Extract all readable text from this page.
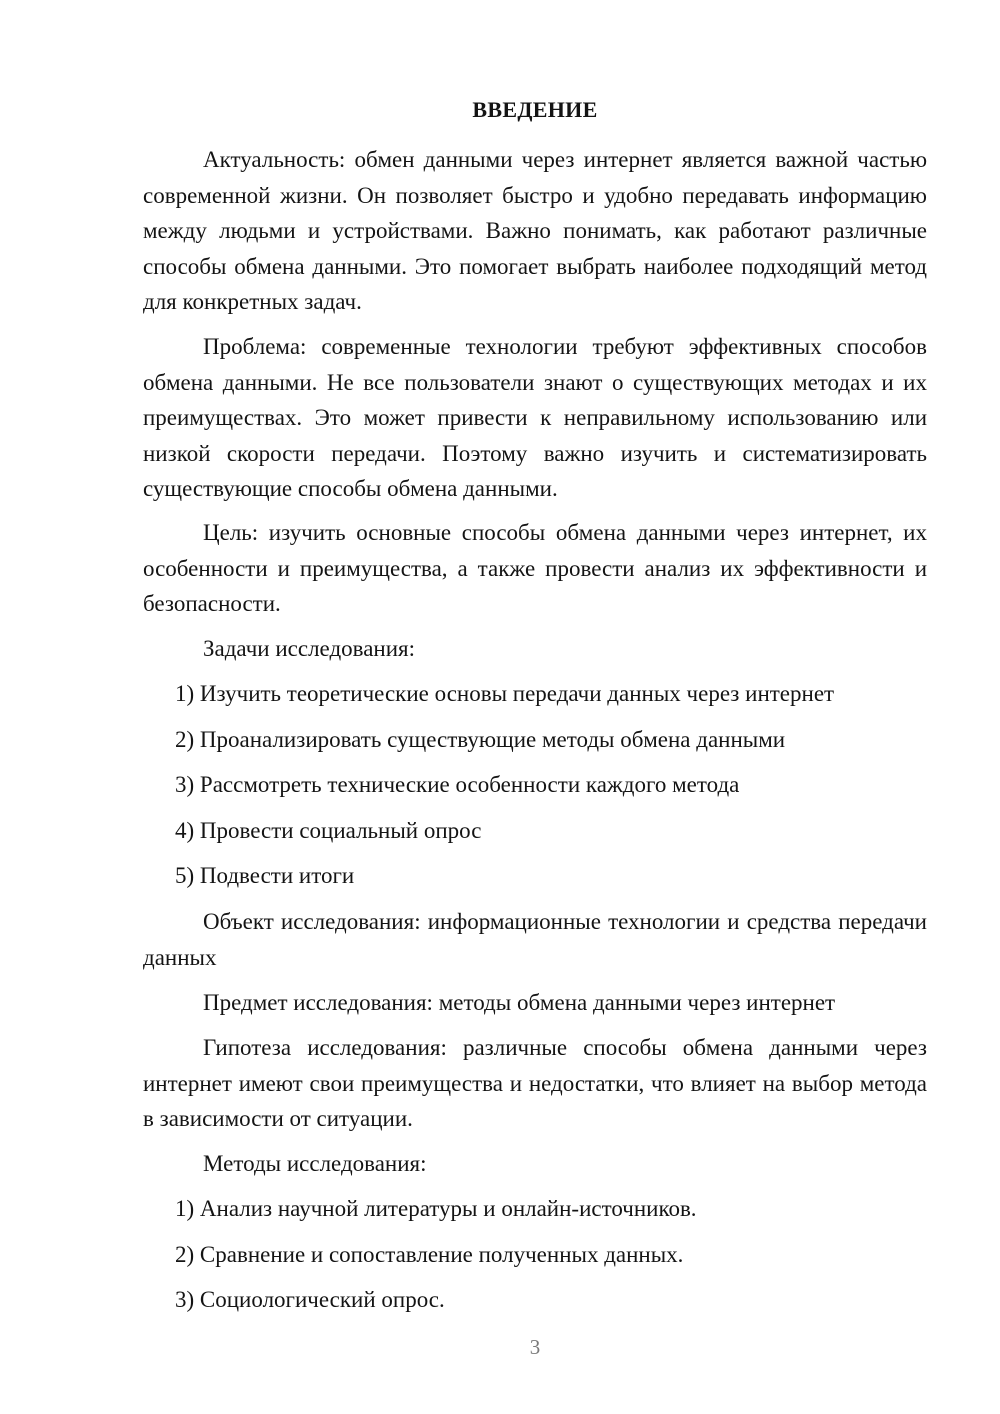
ВВЕДЕНИЕ

Актуальность: обмен данными через интернет является важной частью современной жизни. Он позволяет быстро и удобно передавать информацию между людьми и устройствами. Важно понимать, как работают различные способы обмена данными. Это помогает выбрать наиболее подходящий метод для конкретных задач.

Проблема: современные технологии требуют эффективных способов обмена данными. Не все пользователи знают о существующих методах и их преимуществах. Это может привести к неправильному использованию или низкой скорости передачи. Поэтому важно изучить и систематизировать существующие способы обмена данными.

Цель: изучить основные способы обмена данными через интернет, их особенности и преимущества, а также провести анализ их эффективности и безопасности.

Задачи исследования:

1) Изучить теоретические основы передачи данных через интернет

2) Проанализировать существующие методы обмена данными

3) Рассмотреть технические особенности каждого метода

4) Провести социальный опрос

5) Подвести итоги

Объект исследования: информационные технологии и средства передачи данных

Предмет исследования: методы обмена данными через интернет

Гипотеза исследования: различные способы обмена данными через интернет имеют свои преимущества и недостатки, что влияет на выбор метода в зависимости от ситуации.

Методы исследования:

1) Анализ научной литературы и онлайн-источников.

2) Сравнение и сопоставление полученных данных.

3) Социологический опрос.

3
